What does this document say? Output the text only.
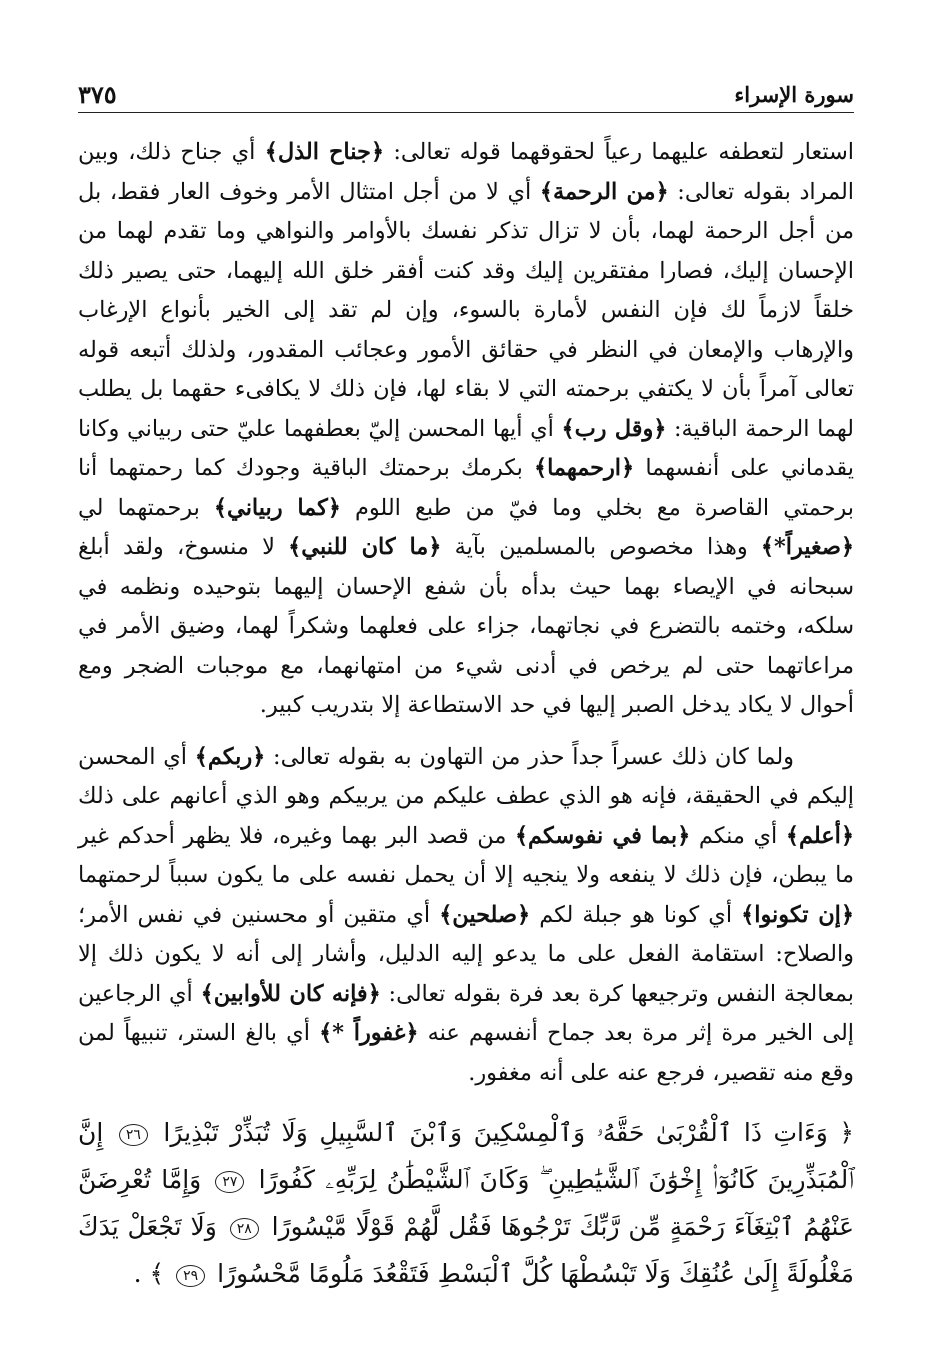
سورة الإسراء
٣٧٥

استعار لتعطفه عليهما رعياً لحقوقهما قوله تعالى: ﴿جناح الذل﴾ أي جناح ذلك، وبين المراد بقوله تعالى: ﴿من الرحمة﴾ أي لا من أجل امتثال الأمر وخوف العار فقط، بل من أجل الرحمة لهما، بأن لا تزال تذكر نفسك بالأوامر والنواهي وما تقدم لهما من الإحسان إليك، فصارا مفتقرين إليك وقد كنت أفقر خلق الله إليهما، حتى يصير ذلك خلقاً لازماً لك فإن النفس لأمارة بالسوء، وإن لم تقد إلى الخير بأنواع الإرغاب والإرهاب والإمعان في النظر في حقائق الأمور وعجائب المقدور، ولذلك أتبعه قوله تعالى آمراً بأن لا يكتفي برحمته التي لا بقاء لها، فإن ذلك لا يكافىء حقهما بل يطلب لهما الرحمة الباقية: ﴿وقل رب﴾ أي أيها المحسن إليّ بعطفهما عليّ حتى ربياني وكانا يقدماني على أنفسهما ﴿ارحمهما﴾ بكرمك برحمتك الباقية وجودك كما رحمتهما أنا برحمتي القاصرة مع بخلي وما فيّ من طبع اللوم ﴿كما ربياني﴾ برحمتهما لي ﴿صغيراً*﴾ وهذا مخصوص بالمسلمين بآية ﴿ما كان للنبي﴾ لا منسوخ، ولقد أبلغ سبحانه في الإيصاء بهما حيث بدأه بأن شفع الإحسان إليهما بتوحيده ونظمه في سلكه، وختمه بالتضرع في نجاتهما، جزاء على فعلهما وشكراً لهما، وضيق الأمر في مراعاتهما حتى لم يرخص في أدنى شيء من امتهانهما، مع موجبات الضجر ومع أحوال لا يكاد يدخل الصبر إليها في حد الاستطاعة إلا بتدريب كبير.

ولما كان ذلك عسراً جداً حذر من التهاون به بقوله تعالى: ﴿ربكم﴾ أي المحسن إليكم في الحقيقة، فإنه هو الذي عطف عليكم من يربيكم وهو الذي أعانهم على ذلك ﴿أعلم﴾ أي منكم ﴿بما في نفوسكم﴾ من قصد البر بهما وغيره، فلا يظهر أحدكم غير ما يبطن، فإن ذلك لا ينفعه ولا ينجيه إلا أن يحمل نفسه على ما يكون سبباً لرحمتهما ﴿إن تكونوا﴾ أي كونا هو جبلة لكم ﴿صلحين﴾ أي متقين أو محسنين في نفس الأمر؛ والصلاح: استقامة الفعل على ما يدعو إليه الدليل، وأشار إلى أنه لا يكون ذلك إلا بمعالجة النفس وترجيعها كرة بعد فرة بقوله تعالى: ﴿فإنه كان للأوابين﴾ أي الرجاعين إلى الخير مرة إثر مرة بعد جماح أنفسهم عنه ﴿غفوراً *﴾ أي بالغ الستر، تنبيهاً لمن وقع منه تقصير، فرجع عنه على أنه مغفور.

﴿ وَءَاتِ ذَا ٱلْقُرْبَىٰ حَقَّهُۥ وَٱلْمِسْكِينَ وَٱبْنَ ٱلسَّبِيلِ وَلَا تُبَذِّرْ تَبْذِيرًا ٢٦ إِنَّ ٱلْمُبَذِّرِينَ كَانُوٓا۟ إِخْوَٰنَ ٱلشَّيَٰطِينِ ۖ وَكَانَ ٱلشَّيْطَٰنُ لِرَبِّهِۦ كَفُورًا ٢٧ وَإِمَّا تُعْرِضَنَّ عَنْهُمُ ٱبْتِغَآءَ رَحْمَةٍ مِّن رَّبِّكَ تَرْجُوهَا فَقُل لَّهُمْ قَوْلًا مَّيْسُورًا ٢٨ وَلَا تَجْعَلْ يَدَكَ مَغْلُولَةً إِلَىٰ عُنُقِكَ وَلَا تَبْسُطْهَا كُلَّ ٱلْبَسْطِ فَتَقْعُدَ مَلُومًا مَّحْسُورًا ٢٩ ﴾ .
